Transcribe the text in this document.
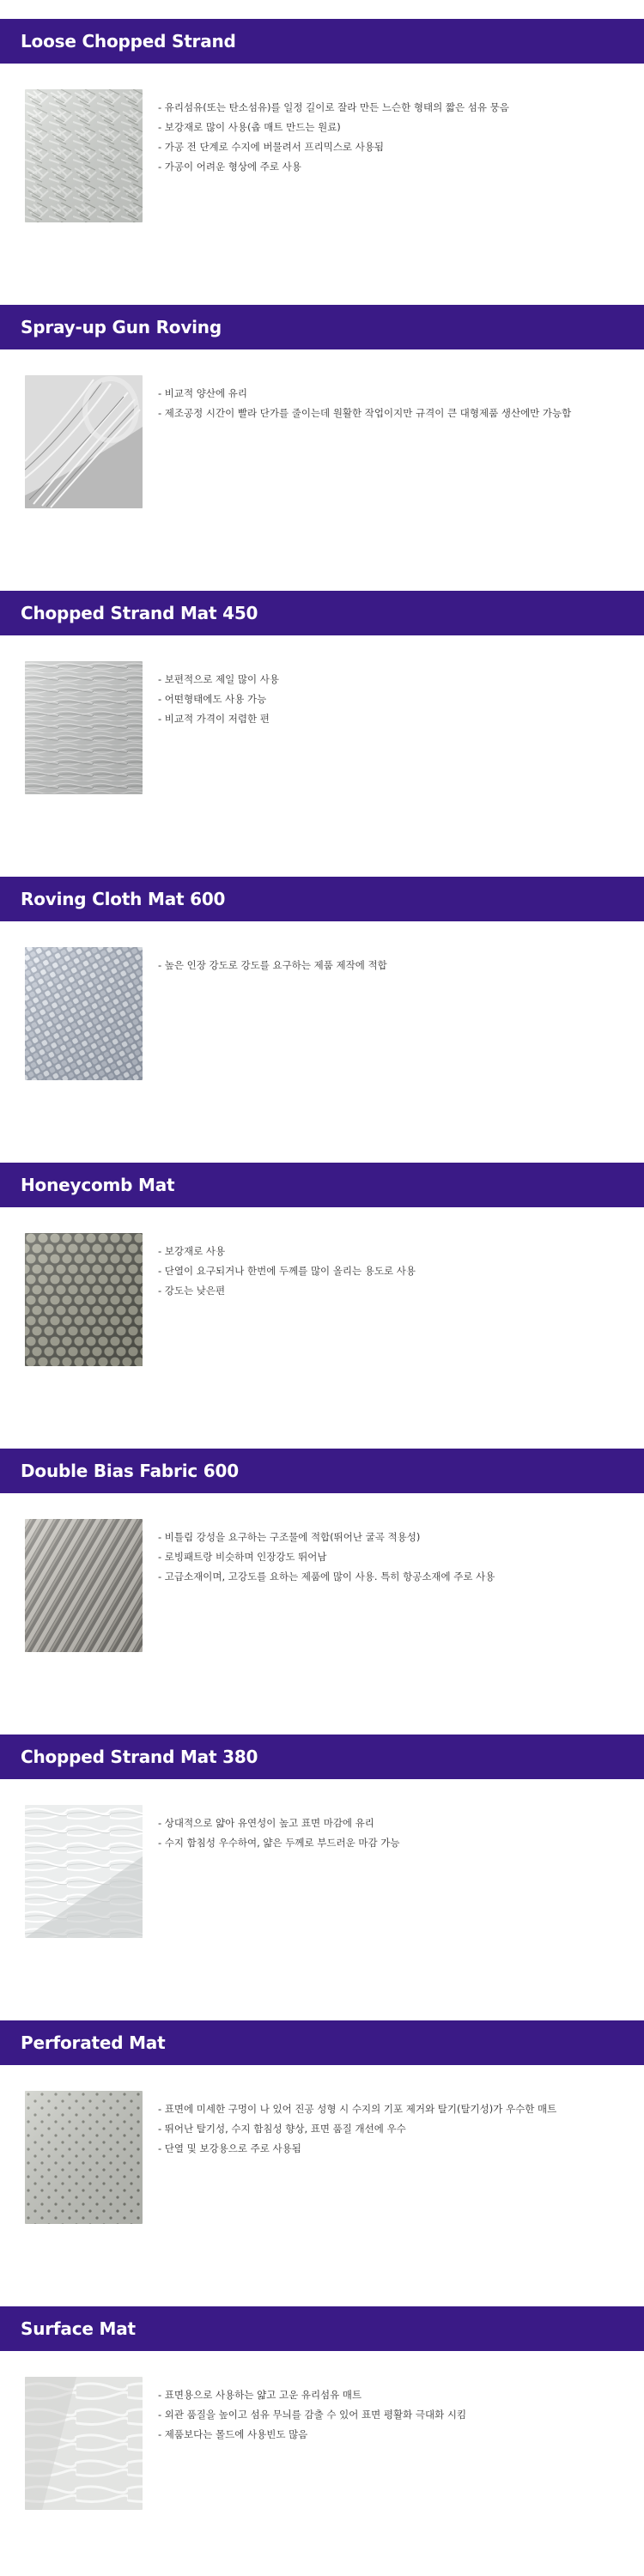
Loose Chopped Strand
- 유리섬유(또는 탄소섬유)를 일정 길이로 잘라 만든 느슨한 형태의 짧은 섬유 뭉음
- 보강재로 많이 사용(촙 매트 만드는 원료)
- 가공 전 단계로 수지에 버물려서 프리믹스로 사용됨
- 가공이 어려운 형상에 주로 사용
Spray-up Gun Roving
- 비교적 양산에 유리
- 제조공정 시간이 빨라 단가를 줄이는데 원활한 작업이지만 규격이 큰 대형제품 생산에만 가능함
Chopped Strand Mat 450
- 보편적으로 제일 많이 사용
- 어떤형태에도 사용 가능
- 비교적 가격이 저렴한 편
Roving Cloth Mat 600
- 높은 인장 강도로 강도를 요구하는 제품 제작에 적합
Honeycomb Mat
- 보강재로 사용
- 단열이 요구되거나 한번에 두께를 많이 올리는 용도로 사용
- 강도는 낮은편
Double Bias Fabric 600
- 비틀림 강성을 요구하는 구조물에 적합(뛰어난 굴곡 적용성)
- 로빙패트랑 비슷하며 인장강도 뛰어남
- 고급소재이며, 고강도를 요하는 제품에 많이 사용. 특히 항공소재에 주로 사용
Chopped Strand Mat 380
- 상대적으로 얇아 유연성이 높고 표면 마감에 유리
- 수지 함침성 우수하여, 얇은 두께로 부드러운 마감 가능
Perforated Mat
- 표면에 미세한 구멍이 나 있어 진공 성형 시 수지의 기포 제거와 탈기(탈기성)가 우수한 매트
- 뛰어난 탈기성, 수지 함침성 향상, 표면 품질 개선에 우수
- 단열 및 보강용으로 주로 사용됨
Surface Mat
- 표면용으로 사용하는 얇고 고운 유리섬유 매트
- 외관 품질을 높이고 섬유 무늬를 감출 수 있어 표면 평활화 극대화 시킴
- 제품보다는 몰드에 사용빈도 많음
